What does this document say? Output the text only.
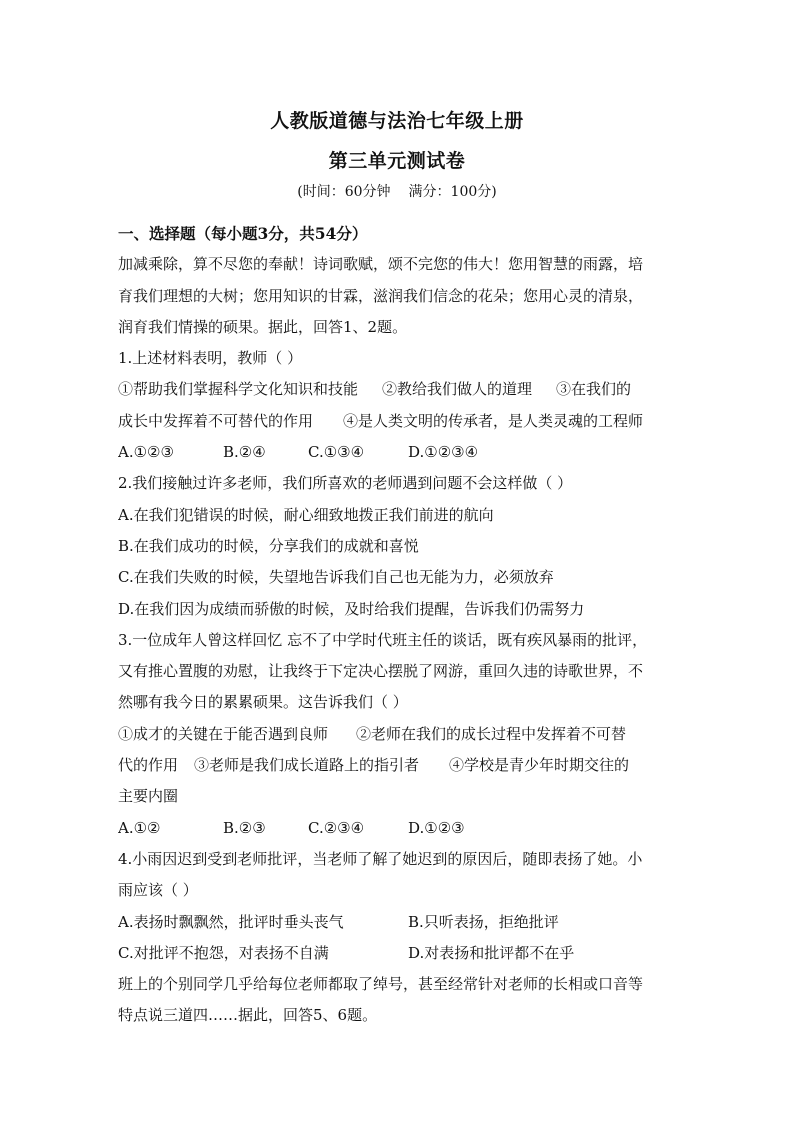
人教版道德与法治七年级上册
第三单元测试卷
(时间：60分钟 满分：100分)
一、选择题（每小题3分，共54分）
加减乘除，算不尽您的奉献！诗词歌赋，颂不完您的伟大！您用智慧的雨露，培
育我们理想的大树；您用知识的甘霖，滋润我们信念的花朵；您用心灵的清泉，
润育我们情操的硕果。据此，回答1、2题。
1.上述材料表明，教师（ ）
①帮助我们掌握科学文化知识和技能 ②教给我们做人的道理 ③在我们的
成长中发挥着不可替代的作用 ④是人类文明的传承者，是人类灵魂的工程师
A.①②③	B.②④	C.①③④	D.①②③④
2.我们接触过许多老师，我们所喜欢的老师遇到问题不会这样做（ ）
A.在我们犯错误的时候，耐心细致地拨正我们前进的航向
B.在我们成功的时候，分享我们的成就和喜悦
C.在我们失败的时候，失望地告诉我们自己也无能为力，必须放弃
D.在我们因为成绩而骄傲的时候，及时给我们提醒，告诉我们仍需努力
3.一位成年人曾这样回忆 忘不了中学时代班主任的谈话，既有疾风暴雨的批评，
又有推心置腹的劝慰，让我终于下定决心摆脱了网游，重回久违的诗歌世界，不
然哪有我今日的累累硕果。这告诉我们（ ）
①成才的关键在于能否遇到良师 ②老师在我们的成长过程中发挥着不可替
代的作用 ③老师是我们成长道路上的指引者 ④学校是青少年时期交往的
主要内圈
A.①②	B.②③	C.②③④	D.①②③
4.小雨因迟到受到老师批评，当老师了解了她迟到的原因后，随即表扬了她。小
雨应该（ ）
A.表扬时飘飘然，批评时垂头丧气	B.只听表扬，拒绝批评
C.对批评不抱怨，对表扬不自满	D.对表扬和批评都不在乎
班上的个别同学几乎给每位老师都取了绰号，甚至经常针对老师的长相或口音等
特点说三道四……据此，回答5、6题。
